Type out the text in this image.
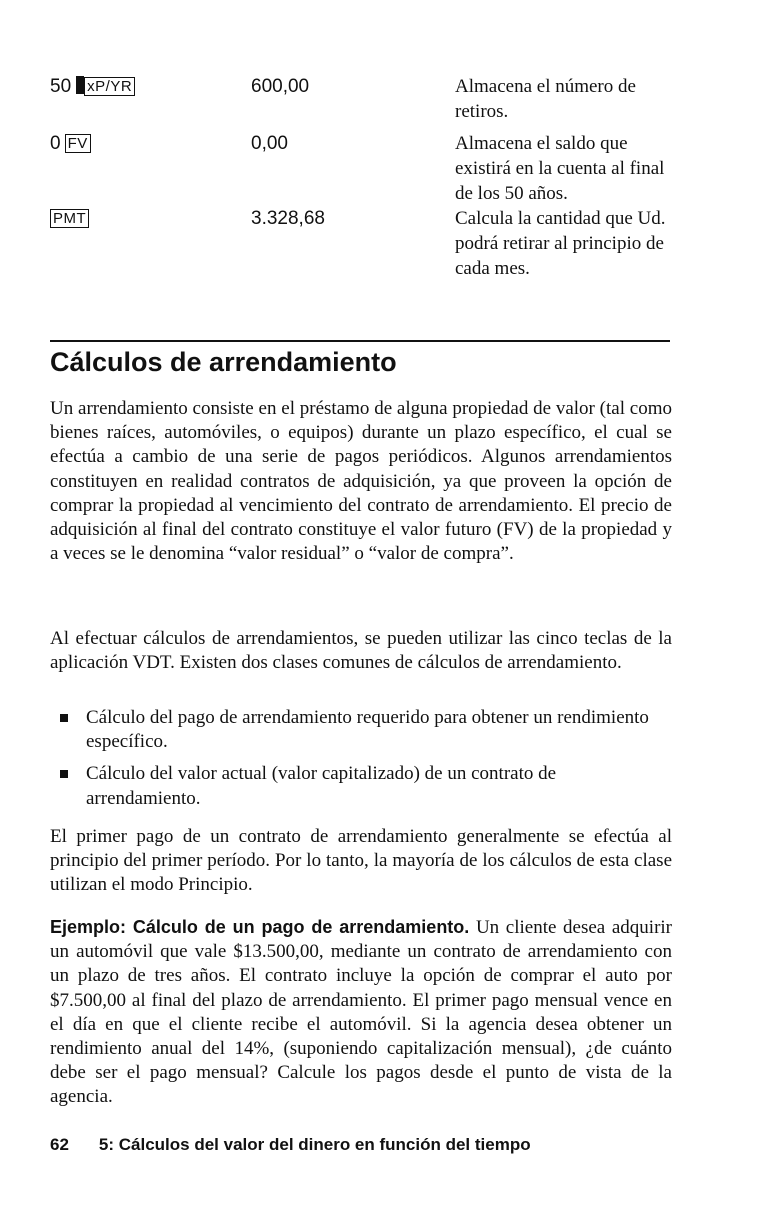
50 xP/YR	600,00	Almacena el número de retiros.
0 FV	0,00	Almacena el saldo que existirá en la cuenta al final de los 50 años.
PMT	3.328,68	Calcula la cantidad que Ud. podrá retirar al principio de cada mes.
Cálculos de arrendamiento

Un arrendamiento consiste en el préstamo de alguna propiedad de valor (tal como bienes raíces, automóviles, o equipos) durante un plazo específico, el cual se efectúa a cambio de una serie de pagos periódicos. Algunos arrendamientos constituyen en realidad contratos de adquisición, ya que proveen la opción de comprar la propiedad al vencimiento del contrato de arrendamiento. El precio de adquisición al final del contrato constituye el valor futuro (FV) de la propiedad y a veces se le denomina “valor residual” o “valor de compra”.

Al efectuar cálculos de arrendamientos, se pueden utilizar las cinco teclas de la aplicación VDT. Existen dos clases comunes de cálculos de arrendamiento.

Cálculo del pago de arrendamiento requerido para obtener un rendimiento específico.
Cálculo del valor actual (valor capitalizado) de un contrato de arrendamiento.

El primer pago de un contrato de arrendamiento generalmente se efectúa al principio del primer período. Por lo tanto, la mayoría de los cálculos de esta clase utilizan el modo Principio.

Ejemplo: Cálculo de un pago de arrendamiento. Un cliente desea adquirir un automóvil que vale $13.500,00, mediante un contrato de arrendamiento con un plazo de tres años. El contrato incluye la opción de comprar el auto por $7.500,00 al final del plazo de arrendamiento. El primer pago mensual vence en el día en que el cliente recibe el automóvil. Si la agencia desea obtener un rendimiento anual del 14%, (suponiendo capitalización mensual), ¿de cuánto debe ser el pago mensual? Calcule los pagos desde el punto de vista de la agencia.

62 5: Cálculos del valor del dinero en función del tiempo
